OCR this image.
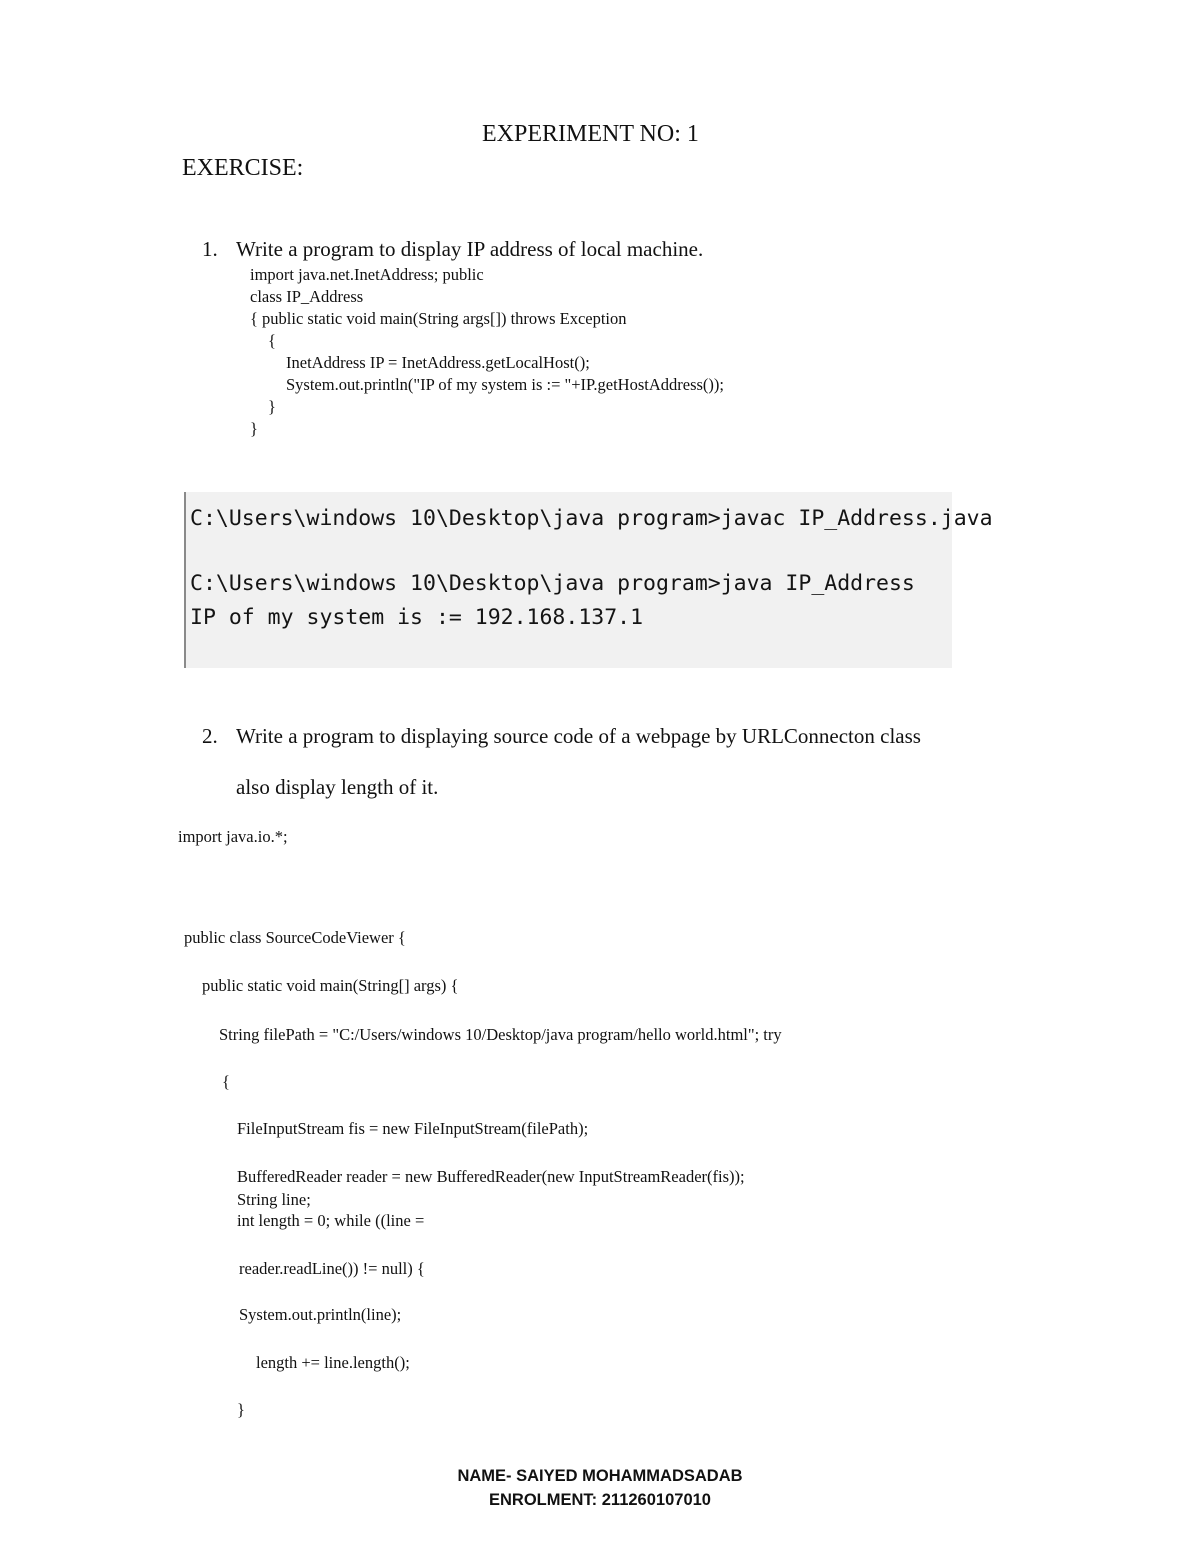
EXPERIMENT NO: 1
EXERCISE:
1. Write a program to display IP address of local machine.
import java.net.InetAddress; public
class IP_Address
{ public static void main(String args[]) throws Exception
{
InetAddress IP = InetAddress.getLocalHost();
System.out.println("IP of my system is := "+IP.getHostAddress());
}
}
C:\Users\windows 10\Desktop\java program>javac IP_Address.java
C:\Users\windows 10\Desktop\java program>java IP_Address
IP of my system is := 192.168.137.1
2. Write a program to displaying source code of a webpage by URLConnecton class
also display length of it.
import java.io.*;
public class SourceCodeViewer {
public static void main(String[] args) {
String filePath = "C:/Users/windows 10/Desktop/java program/hello world.html"; try
{
FileInputStream fis = new FileInputStream(filePath);
BufferedReader reader = new BufferedReader(new InputStreamReader(fis));
String line;
int length = 0; while ((line =
reader.readLine()) != null) {
System.out.println(line);
length += line.length();
}
NAME- SAIYED MOHAMMADSADAB
ENROLMENT: 211260107010
